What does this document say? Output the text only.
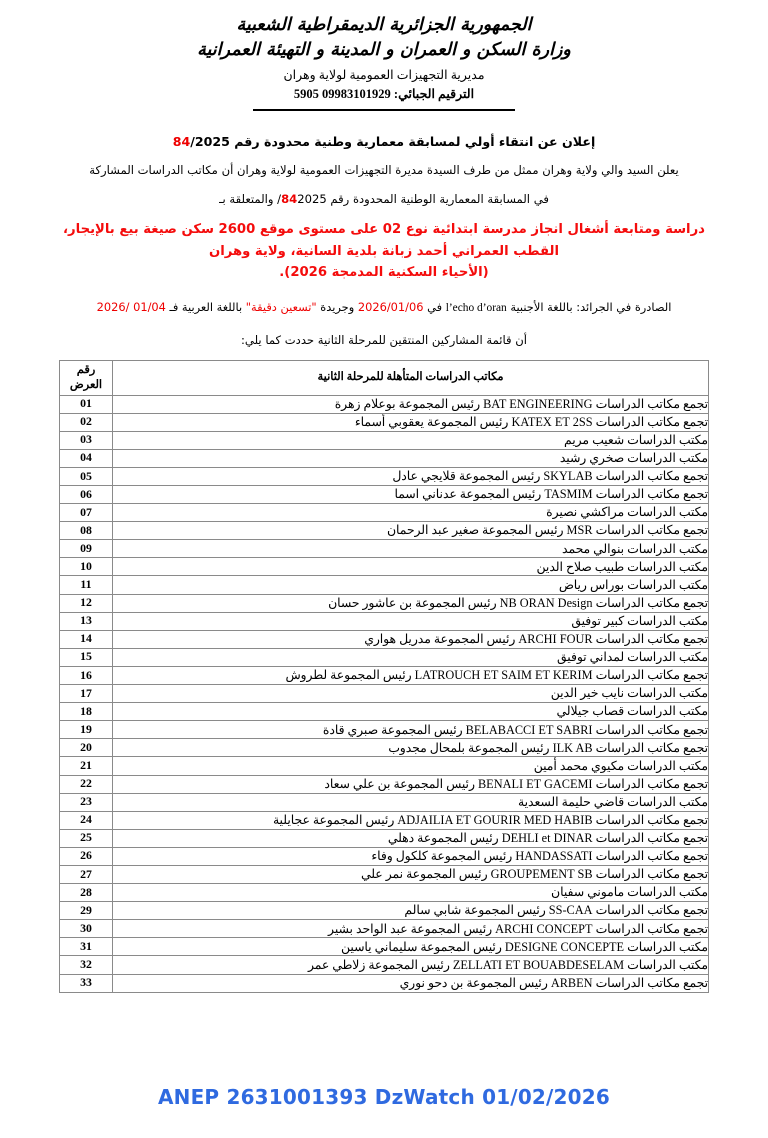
الجمهورية الجزائرية الديمقراطية الشعبية
وزارة السكن و العمران و المدينة و التهيئة العمرانية
مديرية التجهيزات العمومية لولاية وهران
الترقيم الجبائي: 09983101929 5905
إعلان عن انتقاء أولي لمسابقة معمارية وطنية محدودة رقم 84/2025
يعلن السيد والي ولاية وهران ممثل من طرف السيدة مديرة التجهيزات العمومية لولاية وهران أن مكاتب الدراسات المشاركة
في المسابقة المعمارية الوطنية المحدودة رقم 842025/ والمتعلقة بـ
دراسة ومتابعة أشغال انجاز مدرسة ابتدائية نوع 02 على مستوى موقع 2600 سكن صيغة بيع بالإيجار،
القطب العمراني أحمد زبانة بلدية السانية، ولاية وهران
(الأحياء السكنية المدمجة 2026).
الصادرة في الجرائد: باللغة الأجنبية l’echo d’oran في 2026/01/06 وجريدة "تسعين دقيقة" باللغة العربية فـ 01/04 /2026
أن قائمة المشاركين المنتقين للمرحلة الثانية حددت كما يلي:
مكاتب الدراسات المتأهلة للمرحلة الثانية	رقم
العرض

تجمع مكاتب الدراسات BAT ENGINEERING رئيس المجموعة بوعلام زهرة	01
تجمع مكاتب الدراسات KATEX ET 2SS رئيس المجموعة يعقوبي أسماء	02
مكتب الدراسات شعيب مريم	03
مكتب الدراسات صخري رشيد	04
تجمع مكاتب الدراسات SKYLAB رئيس المجموعة قلايجي عادل	05
تجمع مكاتب الدراسات TASMIM رئيس المجموعة عدناني اسما	06
مكتب الدراسات مراكشي نصيرة	07
تجمع مكاتب الدراسات MSR رئيس المجموعة صغير عبد الرحمان	08
مكتب الدراسات بنوالي محمد	09
مكتب الدراسات طبيب صلاح الدين	10
مكتب الدراسات بوراس رياض	11
تجمع مكاتب الدراسات NB ORAN Design رئيس المجموعة بن عاشور حسان	12
مكتب الدراسات كبير توفيق	13
تجمع مكاتب الدراسات ARCHI FOUR رئيس المجموعة مدريل هواري	14
مكتب الدراسات لمداني توفيق	15
تجمع مكاتب الدراسات LATROUCH ET SAIM ET KERIM رئيس المجموعة لطروش	16
مكتب الدراسات نايب خير الدين	17
مكتب الدراسات قصاب جيلالي	18
تجمع مكاتب الدراسات BELABACCI ET SABRI رئيس المجموعة صبري قادة	19
تجمع مكاتب الدراسات ILK AB رئيس المجموعة بلمحال مجدوب	20
مكتب الدراسات مكيوي محمد أمين	21
تجمع مكاتب الدراسات BENALI ET GACEMI رئيس المجموعة بن علي سعاد	22
مكتب الدراسات قاضي حليمة السعدية	23
تجمع مكاتب الدراسات ADJAILIA ET GOURIR MED HABIB رئيس المجموعة عجايلية	24
تجمع مكاتب الدراسات DEHLI et DINAR رئيس المجموعة دهلي	25
تجمع مكاتب الدراسات HANDASSATI رئيس المجموعة كلكول وفاء	26
تجمع مكاتب الدراسات GROUPEMENT SB رئيس المجموعة نمر علي	27
مكتب الدراسات ماموني سفيان	28
تجمع مكاتب الدراسات SS-CAA رئيس المجموعة شابي سالم	29
تجمع مكاتب الدراسات ARCHI CONCEPT رئيس المجموعة عبد الواحد بشير	30
مكتب الدراسات DESIGNE CONCEPTE رئيس المجموعة سليماني ياسين	31
مكتب الدراسات ZELLATI ET BOUABDESELAM رئيس المجموعة زلاطي عمر	32
تجمع مكاتب الدراسات ARBEN رئيس المجموعة بن دحو نوري	33
ANEP 2631001393 DzWatch 01/02/2026
